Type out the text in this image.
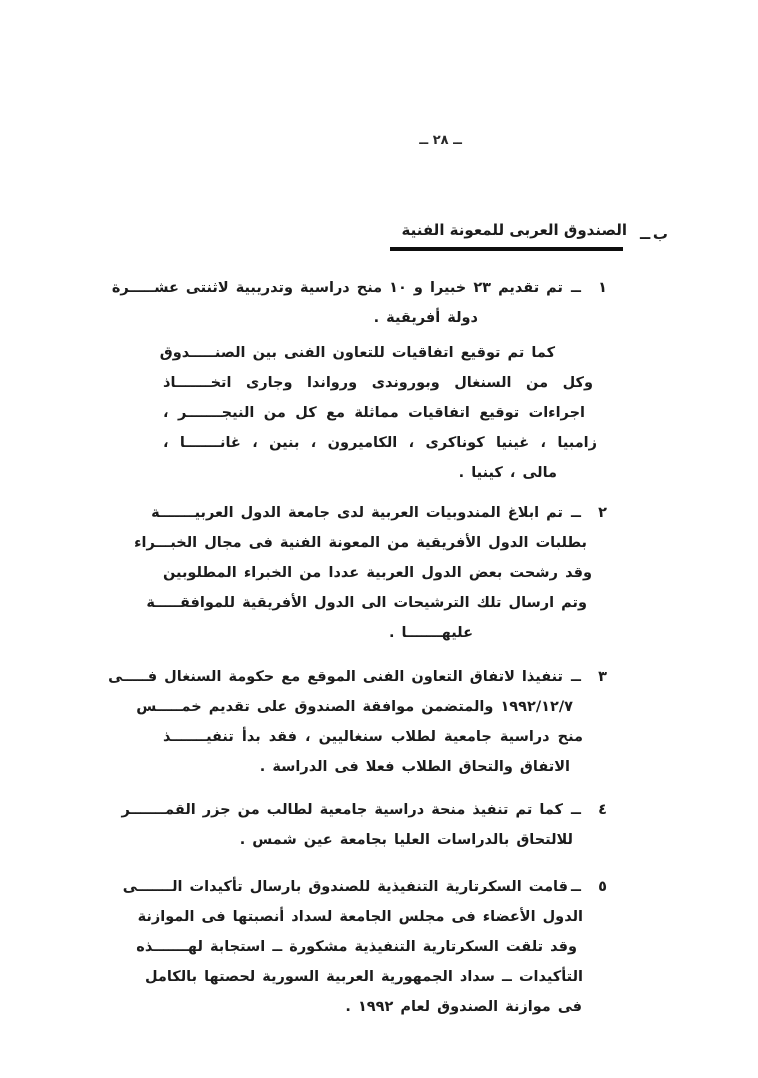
ــ ٢٨ ــ
ب
ــ
الصندوق العربى للمعونة الفنية
١
ــ
تم تقديم ٢٣ خبيرا و ١٠ منح دراسية وتدريبية لاثنتى عشـــــرة
دولة أفريقية .
كما تم توقيع اتفاقيات للتعاون الفنى بين الصنـــــدوق
وكل من السنغال وبوروندى ورواندا وجارى اتخـــــــاذ
اجراءات توقيع اتفاقيات مماثلة مع كل من النيجـــــــر ،
زامبيا ، غينيا كوناكرى ، الكاميرون ، بنين ، غانـــــــا ،
مالى ، كينيا .
٢
ــ
تم ابلاغ المندوبيات العربية لدى جامعة الدول العربيـــــــة
بطلبات الدول الأفريقية من المعونة الفنية فى مجال الخبـــراء
وقد رشحت بعض الدول العربية عددا من الخبراء المطلوبين
وتم ارسال تلك الترشيحات الى الدول الأفريقية للموافقـــــة
عليهـــــــا .
٣
ــ
تنفيذا لاتفاق التعاون الفنى الموقع مع حكومة السنغال فـــــى
١٩٩٢/١٢/٧ والمتضمن موافقة الصندوق على تقديم خمـــــس
منح دراسية جامعية لطلاب سنغاليين ، فقد بدأ تنفيـــــــذ
الاتفاق والتحاق الطلاب فعلا فى الدراسة .
٤
ــ
كما تم تنفيذ منحة دراسية جامعية لطالب من جزر القمـــــــر
للالتحاق بالدراسات العليا بجامعة عين شمس .
٥
ــ
قامت السكرتارية التنفيذية للصندوق بارسال تأكيدات الـــــــى
الدول الأعضاء فى مجلس الجامعة لسداد أنصبتها فى الموازنة
وقد تلقت السكرتارية التنفيذية مشكورة ــ استجابة لهـــــــذه
التأكيدات ــ سداد الجمهورية العربية السورية لحصتها بالكامل
فى موازنة الصندوق لعام ١٩٩٢ .
